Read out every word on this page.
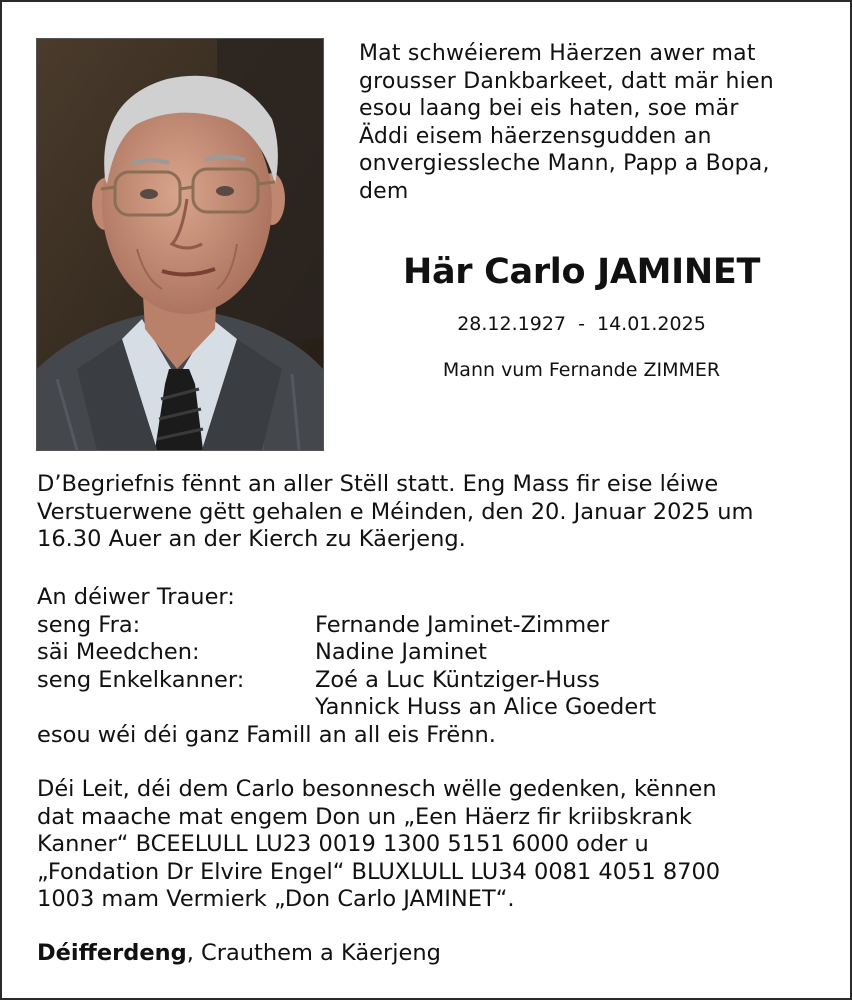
Mat schwéierem Häerzen awer mat
grousser Dankbarkeet, datt mär hien
esou laang bei eis haten, soe mär
Äddi eisem häerzensgudden an
onvergiessleche Mann, Papp a Bopa,
dem
Här Carlo JAMINET
28.12.1927  -  14.01.2025
Mann vum Fernande ZIMMER
D’Begriefnis fënnt an aller Stëll statt. Eng Mass fir eise léiwe
Verstuerwene gëtt gehalen e Méinden, den 20. Januar 2025 um
16.30 Auer an der Kierch zu Käerjeng.
An déiwer Trauer:
seng Fra:	Fernande Jaminet-Zimmer
säi Meedchen:	Nadine Jaminet
seng Enkelkanner:	Zoé a Luc Küntziger-Huss
Yannick Huss an Alice Goedert
esou wéi déi ganz Famill an all eis Frënn.
Déi Leit, déi dem Carlo besonnesch wëlle gedenken, kënnen
dat maache mat engem Don un „Een Häerz fir kriibskrank
Kanner“ BCEELULL LU23 0019 1300 5151 6000 oder u
„Fondation Dr Elvire Engel“ BLUXLULL LU34 0081 4051 8700
1003 mam Vermierk „Don Carlo JAMINET“.
Déifferdeng, Crauthem a Käerjeng
